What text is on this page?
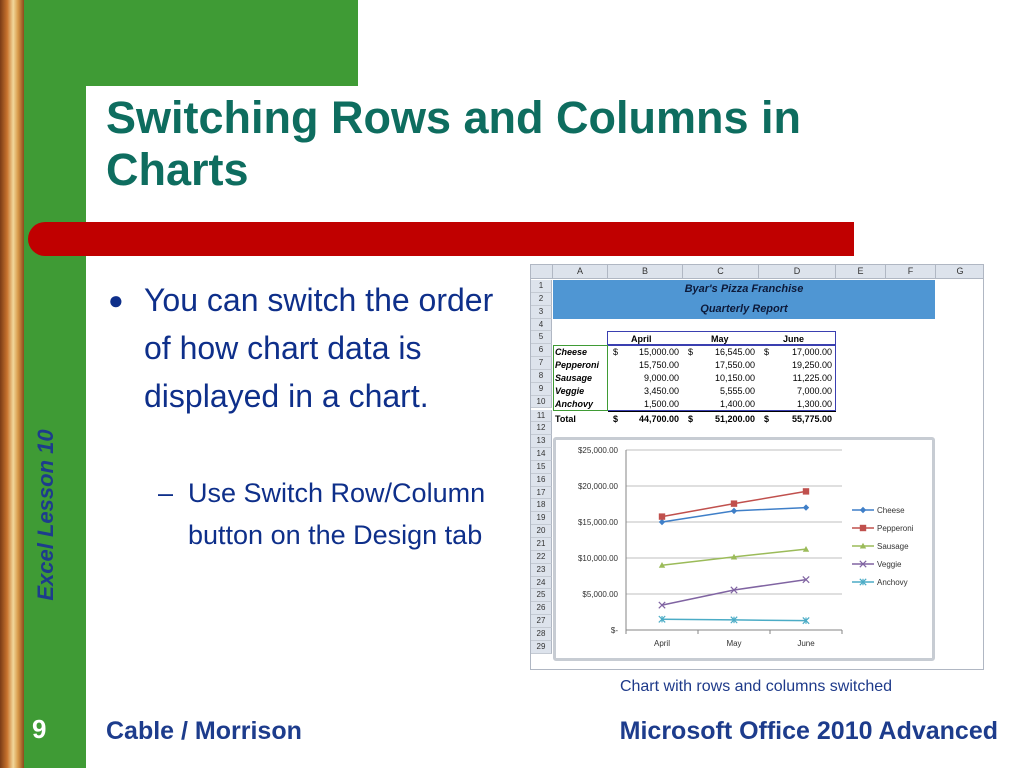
Excel Lesson 10
Switching Rows and Columns in Charts
● You can switch the order of how chart data is displayed in a chart.
– Use Switch Row/Column button on the Design tab
A	B	C	D	E	F	G
1
2
3
4
5
6
7
8
9
10
11
12
13
14
15
16
17
18
19
20
21
22
23
24
25
26
27
28
29
Byar's Pizza Franchise
Quarterly Report
April	May	June
Cheese	$	15,000.00 $	16,545.00 $	17,000.00
Pepperoni	15,750.00	17,550.00	19,250.00
Sausage	9,000.00	10,150.00	11,225.00
Veggie	3,450.00	5,555.00	7,000.00
Anchovy	1,500.00	1,400.00	1,300.00
Total	$	44,700.00 $	51,200.00 $	55,775.00
$-
$5,000.00
$10,000.00
$15,000.00
$20,000.00
$25,000.00
April	May	June
Cheese
Pepperoni
Sausage
Veggie
Anchovy
Chart with rows and columns switched
9 Cable / Morrison	Microsoft Office 2010 Advanced
